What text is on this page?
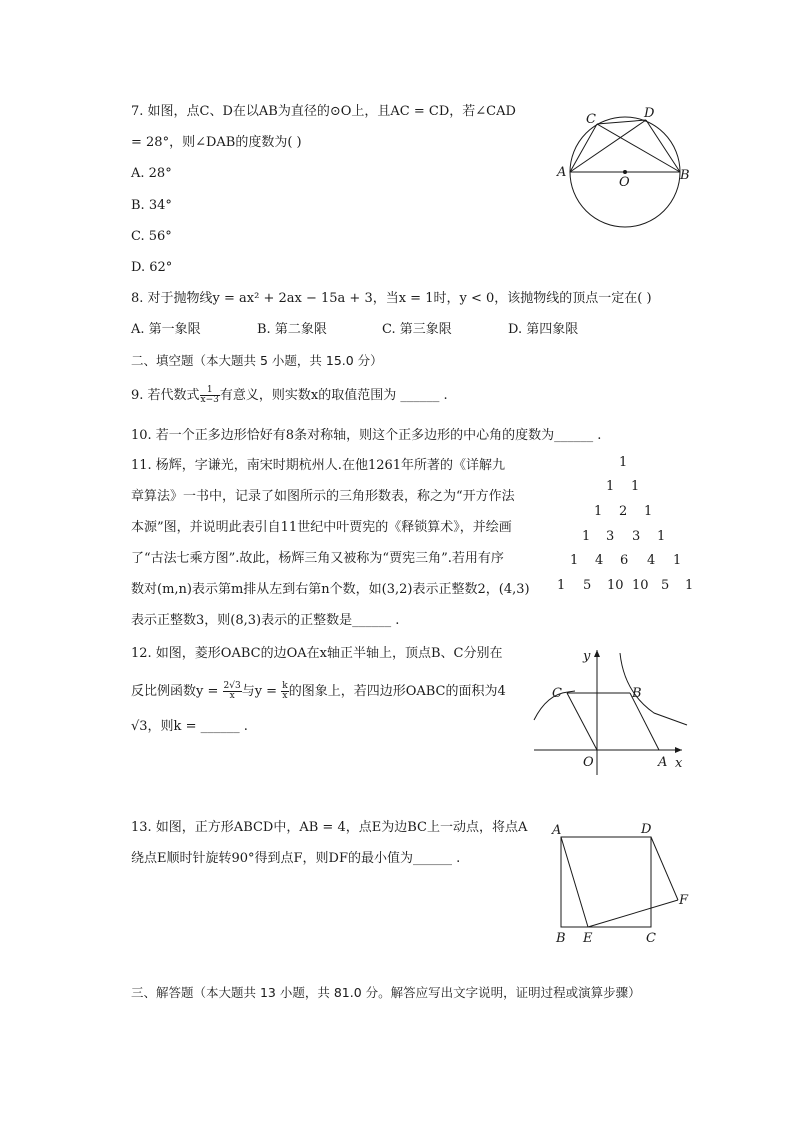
7. 如图，点C、D在以AB为直径的⊙O上，且AC = CD，若∠CAD
= 28°，则∠DAB的度数为( )
A. 28°
B. 34°
C. 56°
D. 62°
C	D
A	B
O
8. 对于抛物线y = ax² + 2ax − 15a + 3，当x = 1时，y < 0，该抛物线的顶点一定在( )
A. 第一象限	B. 第二象限	C. 第三象限	D. 第四象限
二、填空题（本大题共 5 小题，共 15.0 分）
9. 若代数式 $\frac{1}{x-3}$ 有意义，则实数x的取值范围为 ______ .
10. 若一个正多边形恰好有8条对称轴，则这个正多边形的中心角的度数为______ .
11. 杨辉，字谦光，南宋时期杭州人.在他1261年所著的《详解九
章算法》一书中，记录了如图所示的三角形数表，称之为“开方作法
本源”图，并说明此表引自11世纪中叶贾宪的《释锁算术》，并绘画
了“古法七乘方图”.故此，杨辉三角又被称为“贾宪三角”.若用有序
数对(m,n)表示第m排从左到右第n个数，如(3,2)表示正整数2，(4,3)
表示正整数3，则(8,3)表示的正整数是______ .
1
1 1
1 2 1
1 3 3 1
1 4 6 4 1
1 5 10 10 5 1
12. 如图，菱形OABC的边OA在x轴正半轴上，顶点B、C分别在
反比例函数$y = \frac{2√3}{x}$ 与$y = \frac{k}{x}$ 的图象上，若四边形OABC的面积为4
√3，则k = ______ .
y
C	B
O	A x
13. 如图，正方形ABCD中，AB = 4，点E为边BC上一动点，将点A
绕点E顺时针旋转90°得到点F，则DF的最小值为______ .
A	D
F
B E	C
三、解答题（本大题共 13 小题，共 81.0 分。解答应写出文字说明，证明过程或演算步骤）
